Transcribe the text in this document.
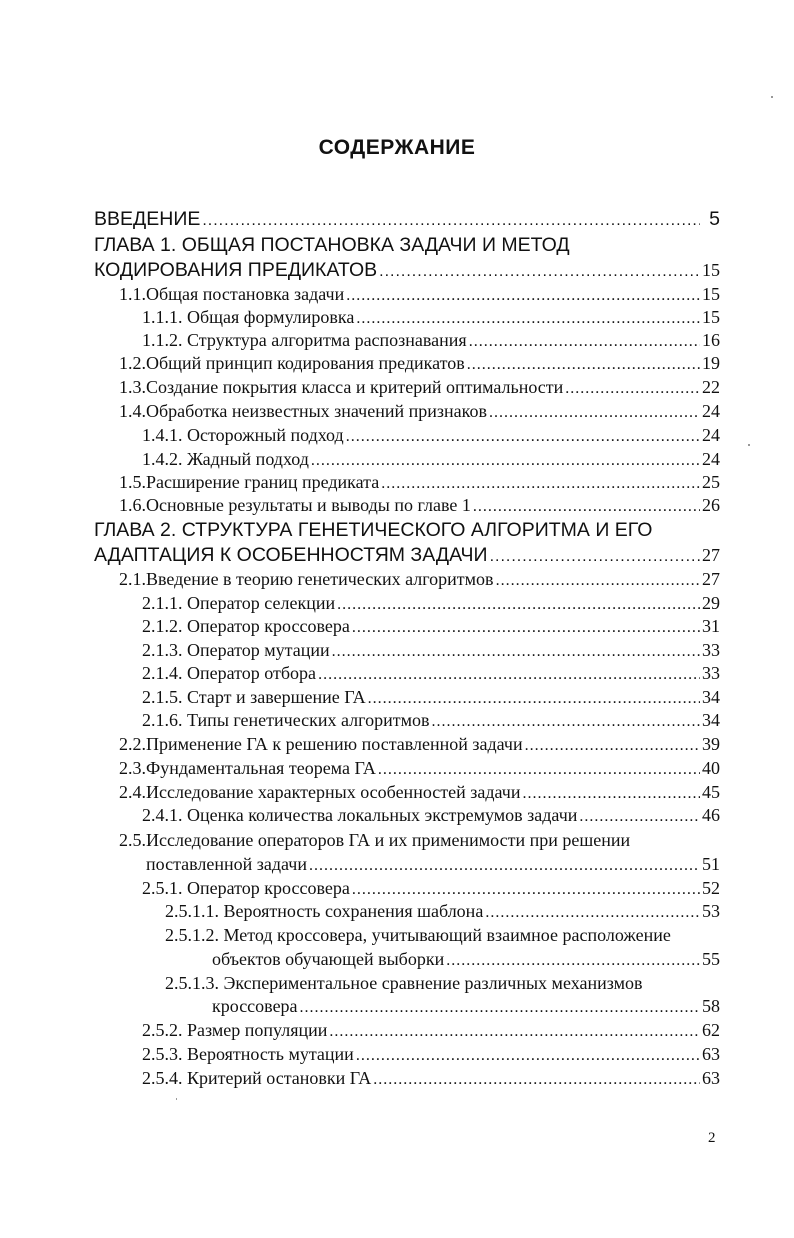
СОДЕРЖАНИЕ
ВВЕДЕНИЕ .....	5
ГЛАВА 1. ОБЩАЯ ПОСТАНОВКА ЗАДАЧИ И МЕТОД
КОДИРОВАНИЯ ПРЕДИКАТОВ .....	15
1.1.Общая постановка задачи .....	15
1.1.1. Общая формулировка .....	15
1.1.2. Структура алгоритма распознавания .....	16
1.2.Общий принцип кодирования предикатов .....	19
1.3.Создание покрытия класса и критерий оптимальности .....	22
1.4.Обработка неизвестных значений признаков .....	24
1.4.1. Осторожный подход .....	24
1.4.2. Жадный подход .....	24
1.5.Расширение границ предиката .....	25
1.6.Основные результаты и выводы по главе 1 .....	26
ГЛАВА 2. СТРУКТУРА ГЕНЕТИЧЕСКОГО АЛГОРИТМА И ЕГО
АДАПТАЦИЯ К ОСОБЕННОСТЯМ ЗАДАЧИ .....	27
2.1.Введение в теорию генетических алгоритмов .....	27
2.1.1. Оператор селекции .....	29
2.1.2. Оператор кроссовера .....	31
2.1.3. Оператор мутации .....	33
2.1.4. Оператор отбора .....	33
2.1.5. Старт и завершение ГА .....	34
2.1.6. Типы генетических алгоритмов .....	34
2.2.Применение ГА к решению поставленной задачи .....	39
2.3.Фундаментальная теорема ГА .....	40
2.4.Исследование характерных особенностей задачи .....	45
2.4.1. Оценка количества локальных экстремумов задачи .....	46
2.5.Исследование операторов ГА и их применимости при решении
поставленной задачи .....	51
2.5.1. Оператор кроссовера .....	52
2.5.1.1. Вероятность сохранения шаблона .....	53
2.5.1.2. Метод кроссовера, учитывающий взаимное расположение
объектов обучающей выборки .....	55
2.5.1.3. Экспериментальное сравнение различных механизмов
кроссовера .....	58
2.5.2. Размер популяции .....	62
2.5.3. Вероятность мутации .....	63
2.5.4. Критерий остановки ГА .....	63
2
